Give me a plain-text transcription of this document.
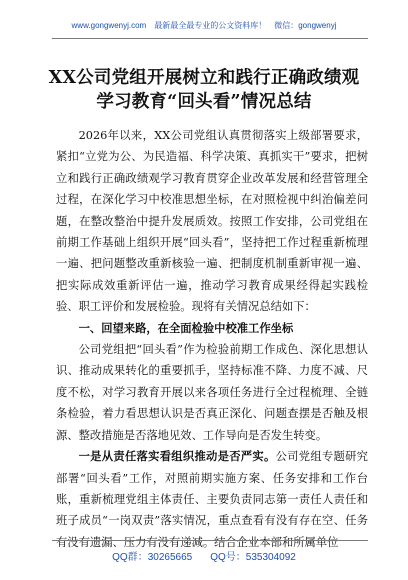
www.gongwenyj.com 最新最全最专业的公文资料库！ 微信：gongwenyj
XX公司党组开展树立和践行正确政绩观
学习教育“回头看”情况总结

2026年以来，XX公司党组认真贯彻落实上级部署要求，紧扣“立党为公、为民造福、科学决策、真抓实干”要求，把树立和践行正确政绩观学习教育贯穿企业改革发展和经营管理全过程，在深化学习中校准思想坐标，在对照检视中纠治偏差问题，在整改整治中提升发展质效。按照工作安排，公司党组在前期工作基础上组织开展“回头看”，坚持把工作过程重新梳理一遍、把问题整改重新核验一遍、把制度机制重新审视一遍、把实际成效重新评估一遍，推动学习教育成果经得起实践检验、职工评价和发展检验。现将有关情况总结如下：

一、回望来路，在全面检验中校准工作坐标

公司党组把“回头看”作为检验前期工作成色、深化思想认识、推动成果转化的重要抓手，坚持标准不降、力度不减、尺度不松，对学习教育开展以来各项任务进行全过程梳理、全链条检验，着力看思想认识是否真正深化、问题查摆是否触及根源、整改措施是否落地见效、工作导向是否发生转变。

一是从责任落实看组织推动是否严实。公司党组专题研究部署“回头看”工作，对照前期实施方案、任务安排和工作台账，重新梳理党组主体责任、主要负责同志第一责任人责任和班子成员“一岗双责”落实情况，重点查看有没有存在空、任务有没有遗漏、压力有没有递减。结合企业本部和所属单位

QQ群：30265665 QQ号：535304092
